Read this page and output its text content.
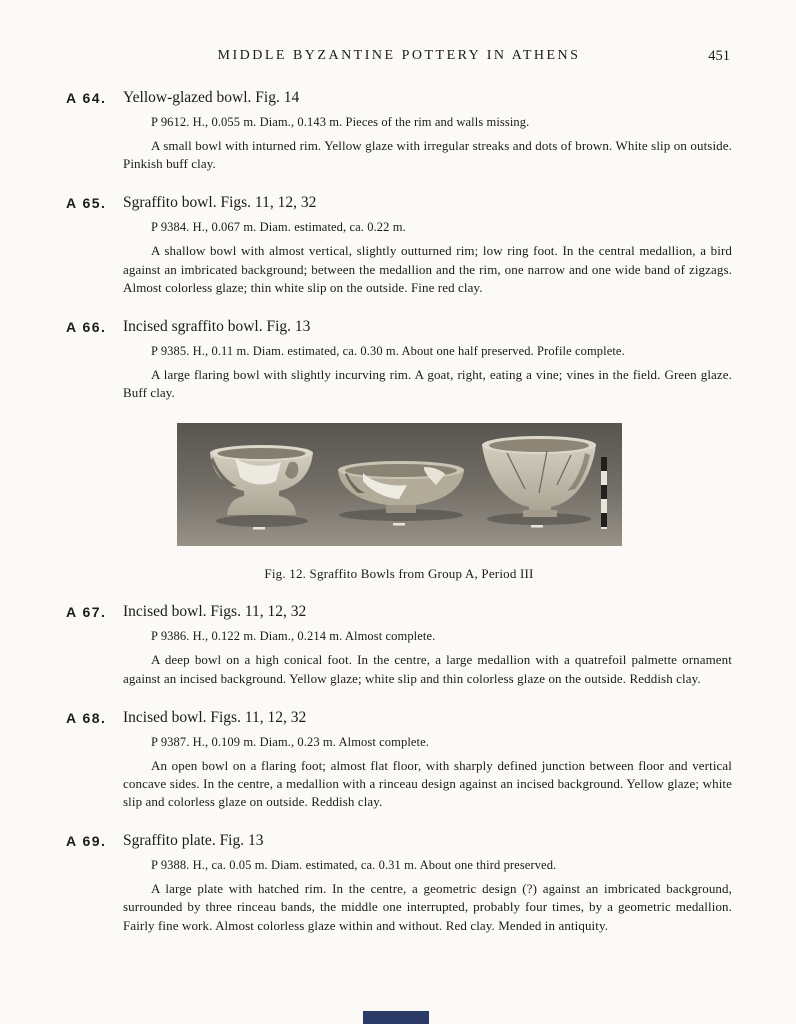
MIDDLE BYZANTINE POTTERY IN ATHENS	451
A 64. Yellow-glazed bowl. Fig. 14

P 9612. H., 0.055 m. Diam., 0.143 m. Pieces of the rim and walls missing.

A small bowl with inturned rim. Yellow glaze with irregular streaks and dots of brown. White slip on outside. Pinkish buff clay.

A 65. Sgraffito bowl. Figs. 11, 12, 32

P 9384. H., 0.067 m. Diam. estimated, ca. 0.22 m.

A shallow bowl with almost vertical, slightly outturned rim; low ring foot. In the central medallion, a bird against an imbricated background; between the medallion and the rim, one narrow and one wide band of zigzags. Almost colorless glaze; thin white slip on the outside. Fine red clay.

A 66. Incised sgraffito bowl. Fig. 13

P 9385. H., 0.11 m. Diam. estimated, ca. 0.30 m. About one half preserved. Profile complete.

A large flaring bowl with slightly incurving rim. A goat, right, eating a vine; vines in the field. Green glaze. Buff clay.

Fig. 12. Sgraffito Bowls from Group A, Period III
A 67. Incised bowl. Figs. 11, 12, 32

P 9386. H., 0.122 m. Diam., 0.214 m. Almost complete.

A deep bowl on a high conical foot. In the centre, a large medallion with a quatrefoil palmette ornament against an incised background. Yellow glaze; white slip and thin colorless glaze on the outside. Reddish clay.

A 68. Incised bowl. Figs. 11, 12, 32

P 9387. H., 0.109 m. Diam., 0.23 m. Almost complete.

An open bowl on a flaring foot; almost flat floor, with sharply defined junction between floor and vertical concave sides. In the centre, a medallion with a rinceau design against an incised background. Yellow glaze; white slip and colorless glaze on outside. Reddish clay.

A 69. Sgraffito plate. Fig. 13

P 9388. H., ca. 0.05 m. Diam. estimated, ca. 0.31 m. About one third preserved.

A large plate with hatched rim. In the centre, a geometric design (?) against an imbricated background, surrounded by three rinceau bands, the middle one interrupted, probably four times, by a geometric medallion. Fairly fine work. Almost colorless glaze within and without. Red clay. Mended in antiquity.
